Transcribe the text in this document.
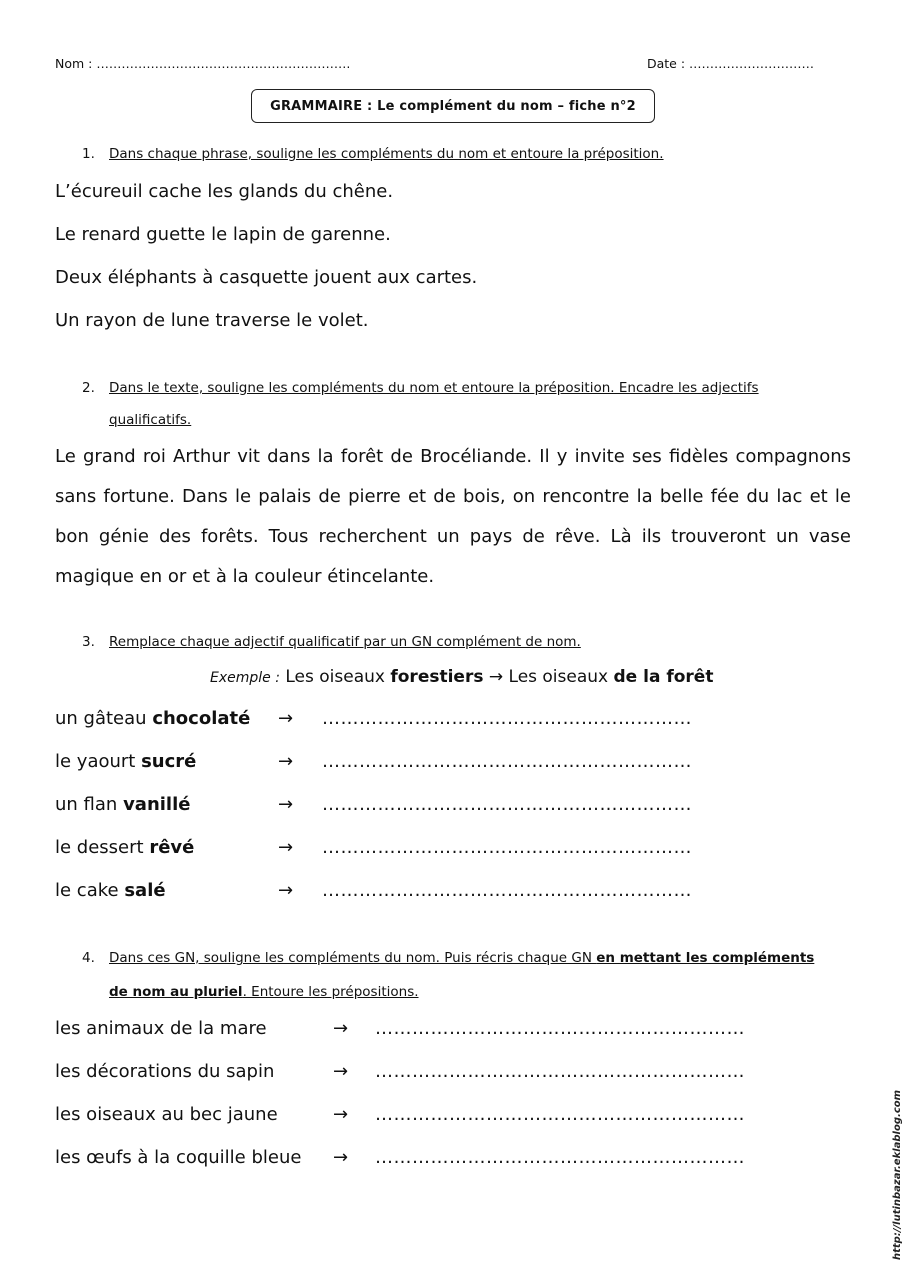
Nom : …………………………………………………….	Date : …………………………
GRAMMAIRE : Le complément du nom – fiche n°2
1. Dans chaque phrase, souligne les compléments du nom et entoure la préposition.
L’écureuil cache les glands du chêne.
Le renard guette le lapin de garenne.
Deux éléphants à casquette jouent aux cartes.
Un rayon de lune traverse le volet.
2. Dans le texte, souligne les compléments du nom et entoure la préposition. Encadre les adjectifs
qualificatifs.
Le grand roi Arthur vit dans la forêt de Brocéliande. Il y invite ses fidèles compagnons sans fortune. Dans le palais de pierre et de bois, on rencontre la belle fée du lac et le bon génie des forêts. Tous recherchent un pays de rêve. Là ils trouveront un vase magique en or et à la couleur étincelante.
3. Remplace chaque adjectif qualificatif par un GN complément de nom.
Exemple : Les oiseaux forestiers → Les oiseaux de la forêt
un gâteau chocolaté → ……………………………………………………
le yaourt sucré	→ ……………………………………………………
un flan vanillé	→ ……………………………………………………
le dessert rêvé	→ ……………………………………………………
le cake salé	→ ……………………………………………………
4. Dans ces GN, souligne les compléments du nom. Puis récris chaque GN en mettant les compléments
de nom au pluriel. Entoure les prépositions.
les animaux de la mare	→ ……………………………………………………
les décorations du sapin	→ ……………………………………………………
les oiseaux au bec jaune	→ ……………………………………………………
les œufs à la coquille bleue → ……………………………………………………	http://lutinbazar.eklablog.com
